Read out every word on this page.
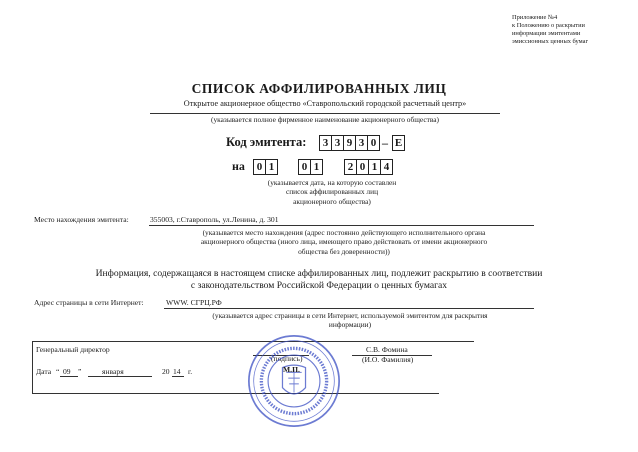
Приложение №4
к Положению о раскрытии
информации эмитентами
эмиссионных ценных бумаг
СПИСОК АФФИЛИРОВАННЫХ ЛИЦ
Открытое акционерное общество «Ставропольский городской расчетный центр»
(указывается полное фирменное наименование акционерного общества)
Код эмитента:	3 3 9 3 0 – E
на	0 1	0 1	2 0 1 4
(указывается дата, на которую составлен
список аффилированных лиц
акционерного общества)
Место нахождения эмитента:	355003, г.Ставрополь, ул.Ленина, д. 301
(указывается место нахождения (адрес постоянно действующего исполнительного органа
акционерного общества (иного лица, имеющего право действовать от имени акционерного
общества без доверенности))
Информация, содержащаяся в настоящем списке аффилированных лиц, подлежит раскрытию в соответствии
с законодательством Российской Федерации о ценных бумагах
Адрес страницы в сети Интернет:	WWW. СГРЦ.РФ
(указывается адрес страницы в сети Интернет, используемой эмитентом для раскрытия
информации)
Генеральный директор
(подпись)
С.В. Фомина
(И.О. Фамилия)
Дата “ 09 ”	января	20 14 г.	М.П.
